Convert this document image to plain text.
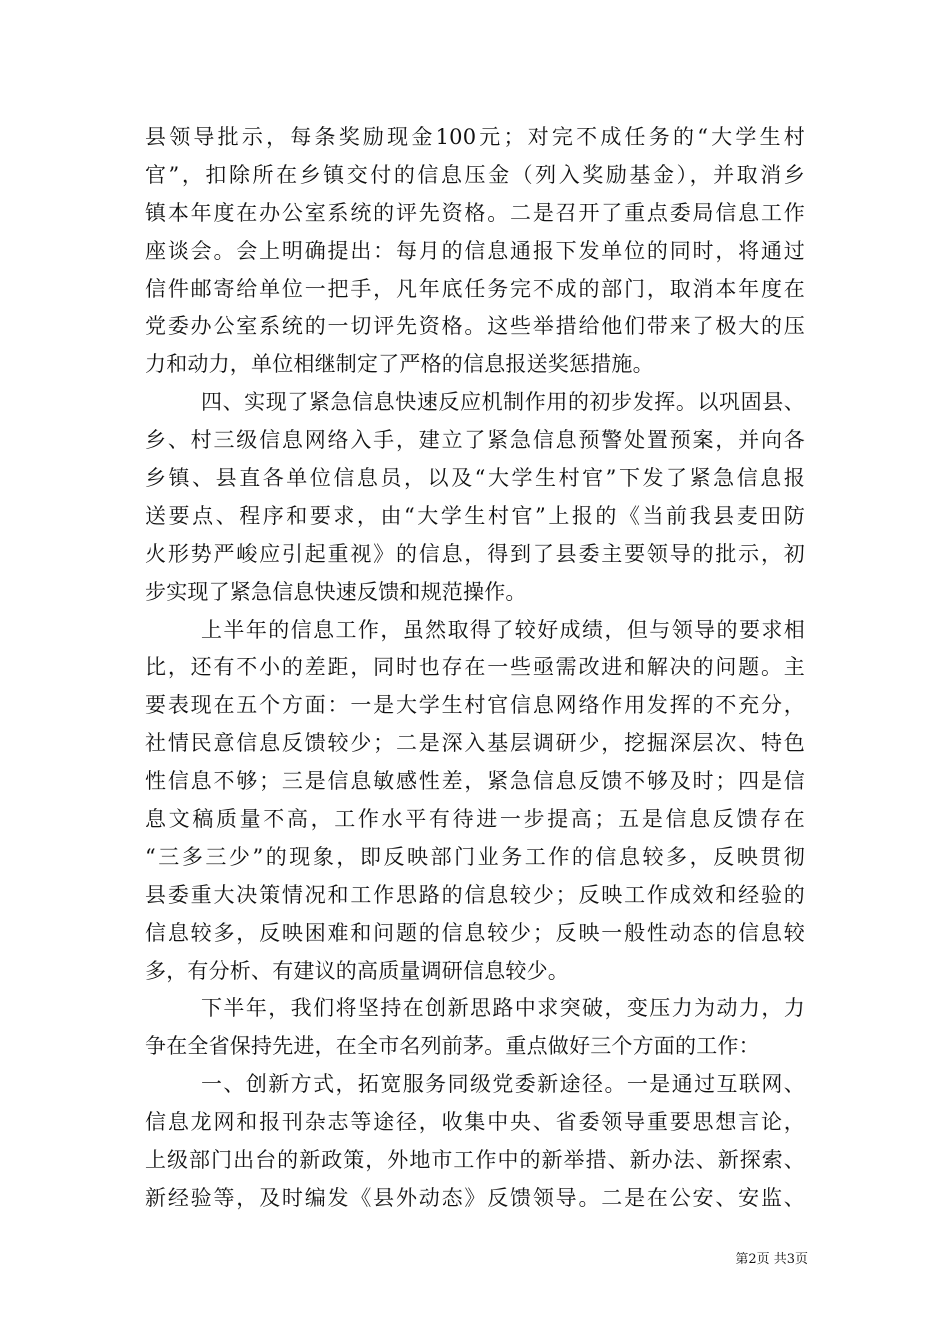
县领导批示，每条奖励现金100元；对完不成任务的“大学生村
官”，扣除所在乡镇交付的信息压金（列入奖励基金），并取消乡
镇本年度在办公室系统的评先资格。二是召开了重点委局信息工作
座谈会。会上明确提出：每月的信息通报下发单位的同时，将通过
信件邮寄给单位一把手，凡年底任务完不成的部门，取消本年度在
党委办公室系统的一切评先资格。这些举措给他们带来了极大的压
力和动力，单位相继制定了严格的信息报送奖惩措施。
四、实现了紧急信息快速反应机制作用的初步发挥。以巩固县、
乡、村三级信息网络入手，建立了紧急信息预警处置预案，并向各
乡镇、县直各单位信息员，以及“大学生村官”下发了紧急信息报
送要点、程序和要求，由“大学生村官”上报的《当前我县麦田防
火形势严峻应引起重视》的信息，得到了县委主要领导的批示，初
步实现了紧急信息快速反馈和规范操作。
上半年的信息工作，虽然取得了较好成绩，但与领导的要求相
比，还有不小的差距，同时也存在一些亟需改进和解决的问题。主
要表现在五个方面：一是大学生村官信息网络作用发挥的不充分，
社情民意信息反馈较少；二是深入基层调研少，挖掘深层次、特色
性信息不够；三是信息敏感性差，紧急信息反馈不够及时；四是信
息文稿质量不高，工作水平有待进一步提高；五是信息反馈存在
“三多三少”的现象，即反映部门业务工作的信息较多，反映贯彻
县委重大决策情况和工作思路的信息较少；反映工作成效和经验的
信息较多，反映困难和问题的信息较少；反映一般性动态的信息较
多，有分析、有建议的高质量调研信息较少。
下半年，我们将坚持在创新思路中求突破，变压力为动力，力
争在全省保持先进，在全市名列前茅。重点做好三个方面的工作：
一、创新方式，拓宽服务同级党委新途径。一是通过互联网、
信息龙网和报刊杂志等途径，收集中央、省委领导重要思想言论，
上级部门出台的新政策，外地市工作中的新举措、新办法、新探索、
新经验等，及时编发《县外动态》反馈领导。二是在公安、安监、
第2页 共3页
